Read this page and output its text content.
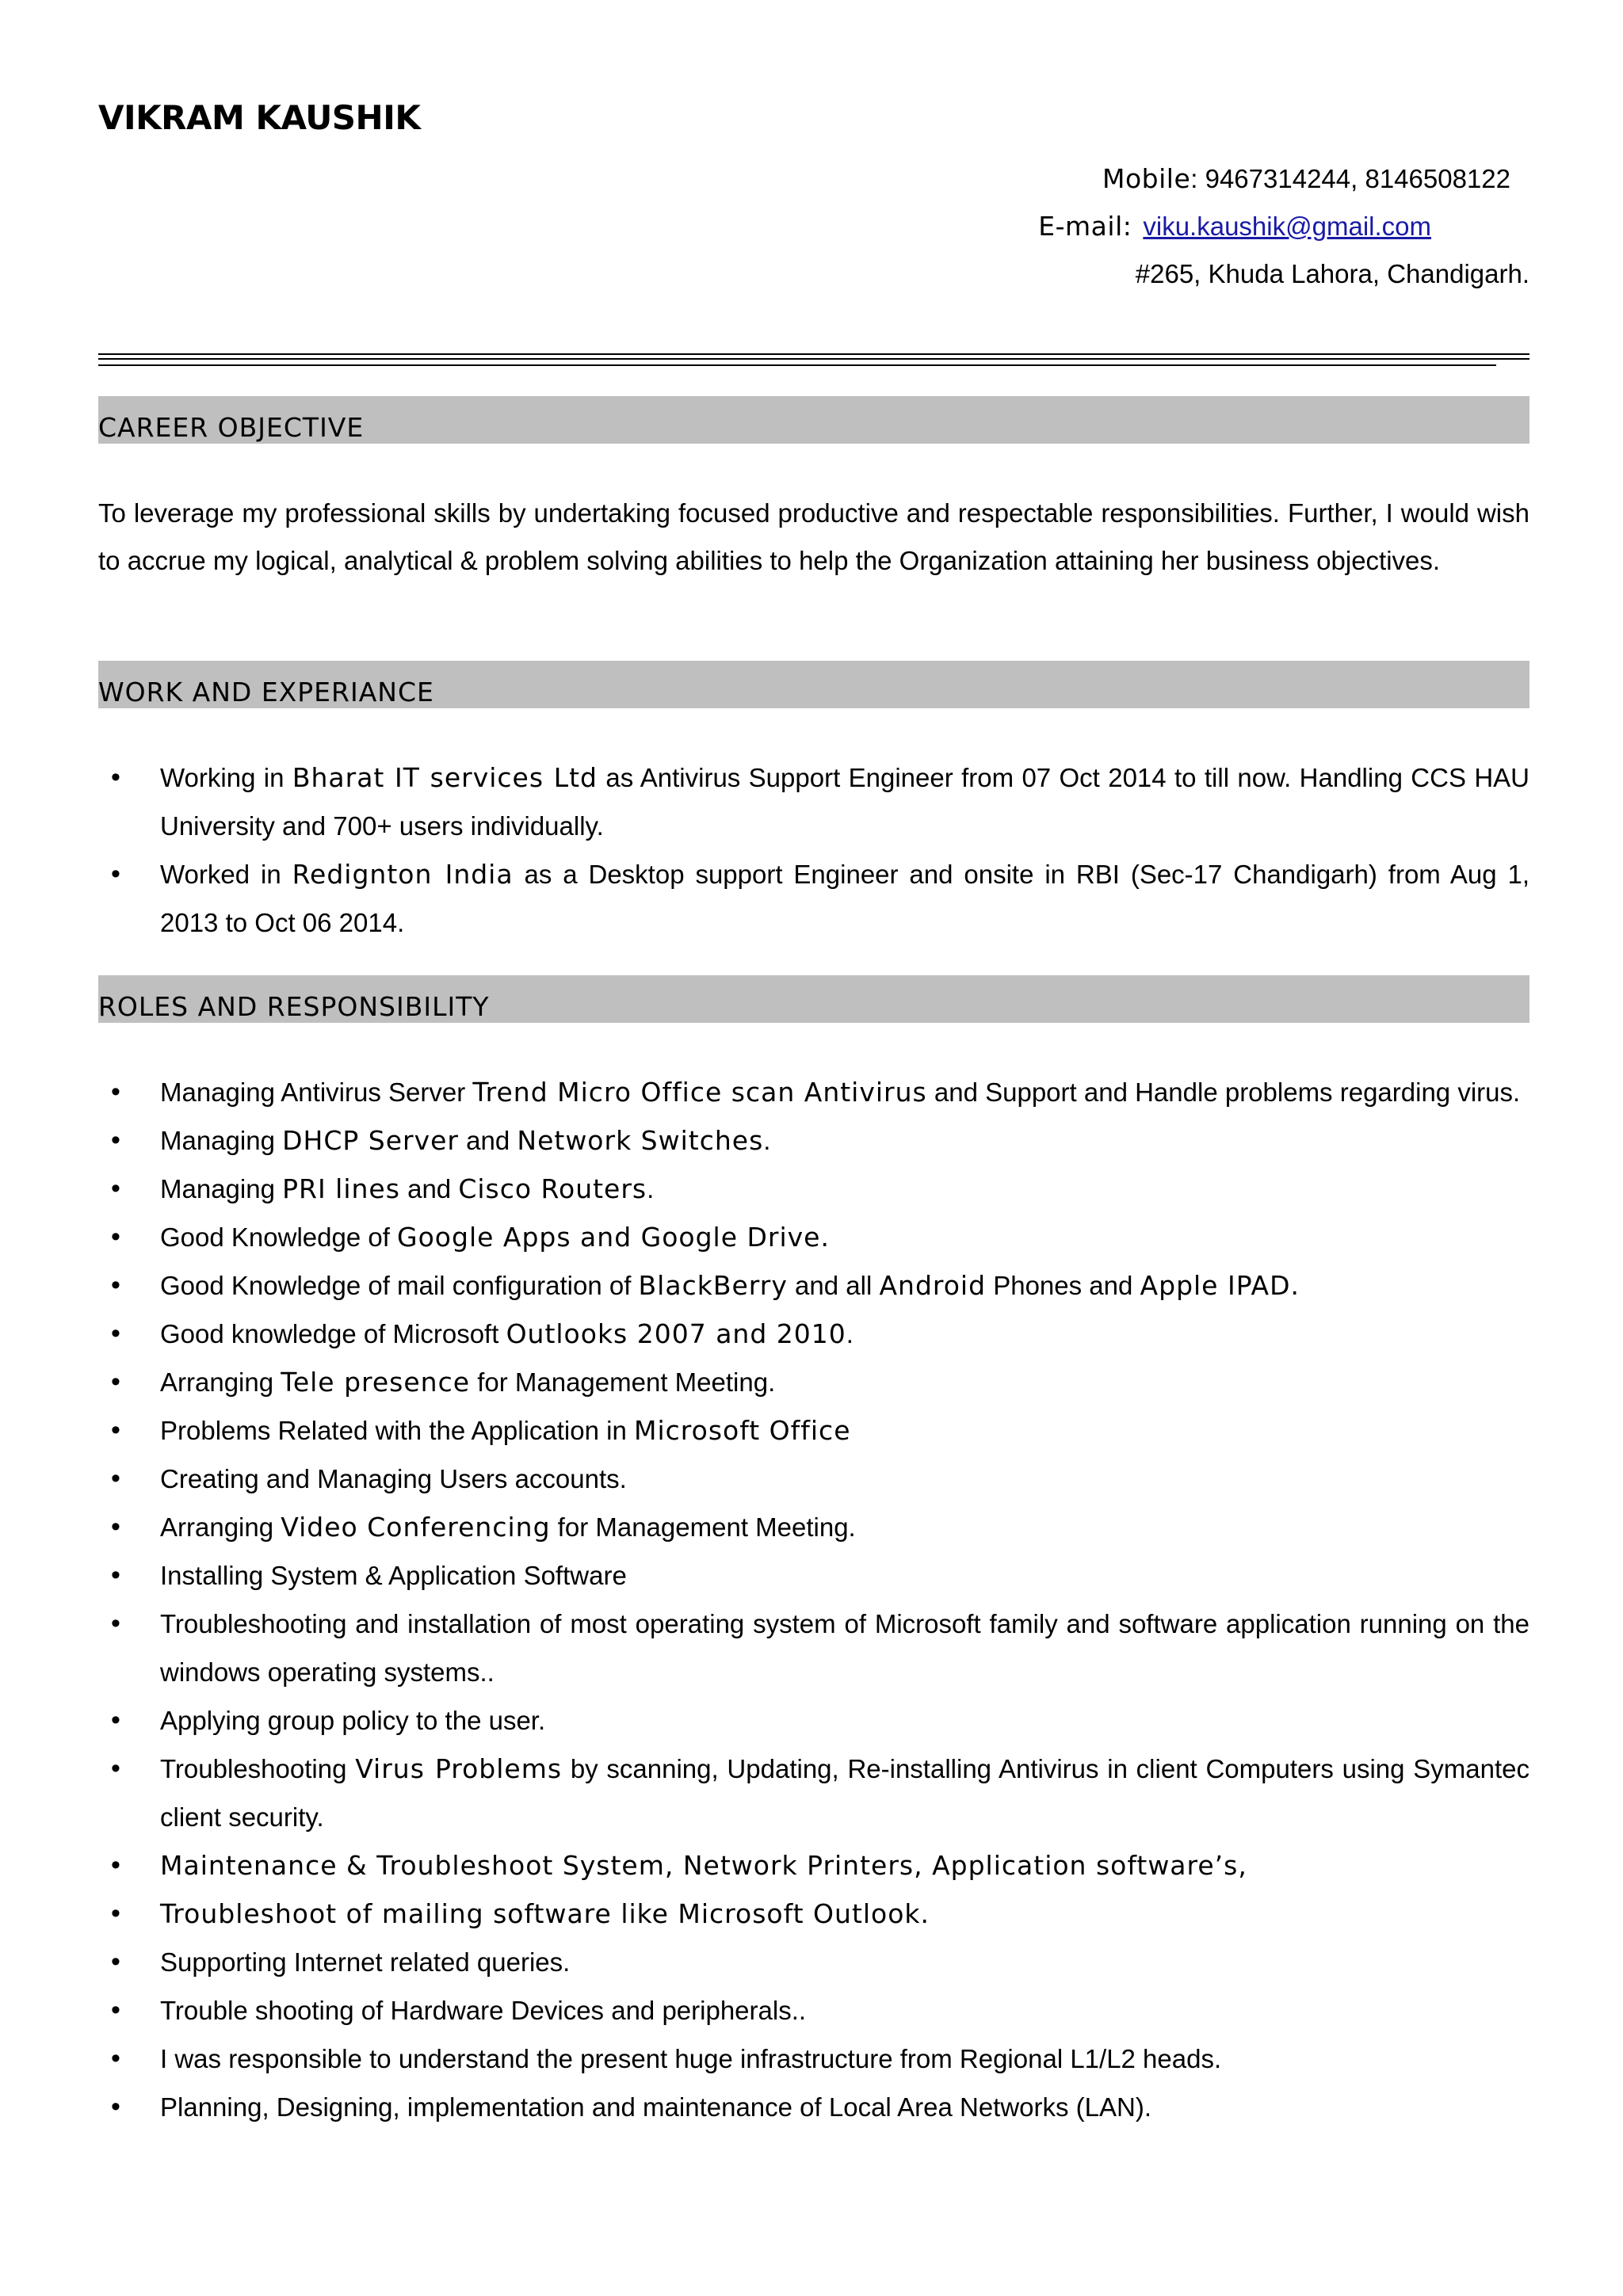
VIKRAM KAUSHIK
Mobile: 9467314244, 8146508122
E-mail: viku.kaushik@gmail.com
#265, Khuda Lahora, Chandigarh.
CAREER OBJECTIVE
To leverage my professional skills by undertaking focused productive and respectable responsibilities. Further, I would wish to accrue my logical, analytical & problem solving abilities to help the Organization attaining her business objectives.
WORK AND EXPERIANCE
• Working in Bharat IT services Ltd as Antivirus Support Engineer from 07 Oct 2014 to till now. Handling CCS HAU University and 700+ users individually.
• Worked in Redignton India as a Desktop support Engineer and onsite in RBI (Sec-17 Chandigarh) from Aug 1, 2013 to Oct 06 2014.
ROLES AND RESPONSIBILITY
• Managing Antivirus Server Trend Micro Office scan Antivirus and Support and Handle problems regarding virus.
• Managing DHCP Server and Network Switches.
• Managing PRI lines and Cisco Routers.
• Good Knowledge of Google Apps and Google Drive.
• Good Knowledge of mail configuration of BlackBerry and all Android Phones and Apple IPAD.
• Good knowledge of Microsoft Outlooks 2007 and 2010.
• Arranging Tele presence for Management Meeting.
• Problems Related with the Application in Microsoft Office
• Creating and Managing Users accounts.
• Arranging Video Conferencing for Management Meeting.
• Installing System & Application Software
• Troubleshooting and installation of most operating system of Microsoft family and software application running on the windows operating systems..
• Applying group policy to the user.
• Troubleshooting Virus Problems by scanning, Updating, Re-installing Antivirus in client Computers using Symantec client security.
• Maintenance & Troubleshoot System, Network Printers, Application software’s,
• Troubleshoot of mailing software like Microsoft Outlook.
• Supporting Internet related queries.
• Trouble shooting of Hardware Devices and peripherals..
• I was responsible to understand the present huge infrastructure from Regional L1/L2 heads.
• Planning, Designing, implementation and maintenance of Local Area Networks (LAN).
